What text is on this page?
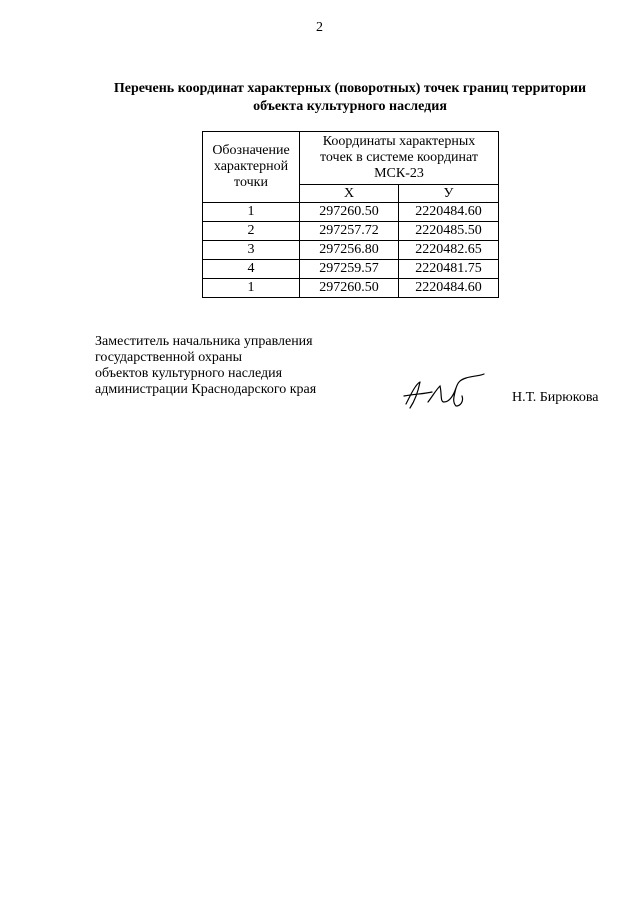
2
Перечень координат характерных (поворотных) точек границ территории
объекта культурного наследия
Обозначение
характерной
точки	Координаты характерных
точек в системе координат
МСК-23	

	Х	У
1	297260.50	2220484.60
2	297257.72	2220485.50
3	297256.80	2220482.65
4	297259.57	2220481.75
1	297260.50	2220484.60
Заместитель начальника управления
государственной охраны
объектов культурного наследия
администрации Краснодарского края
Н.Т. Бирюкова
